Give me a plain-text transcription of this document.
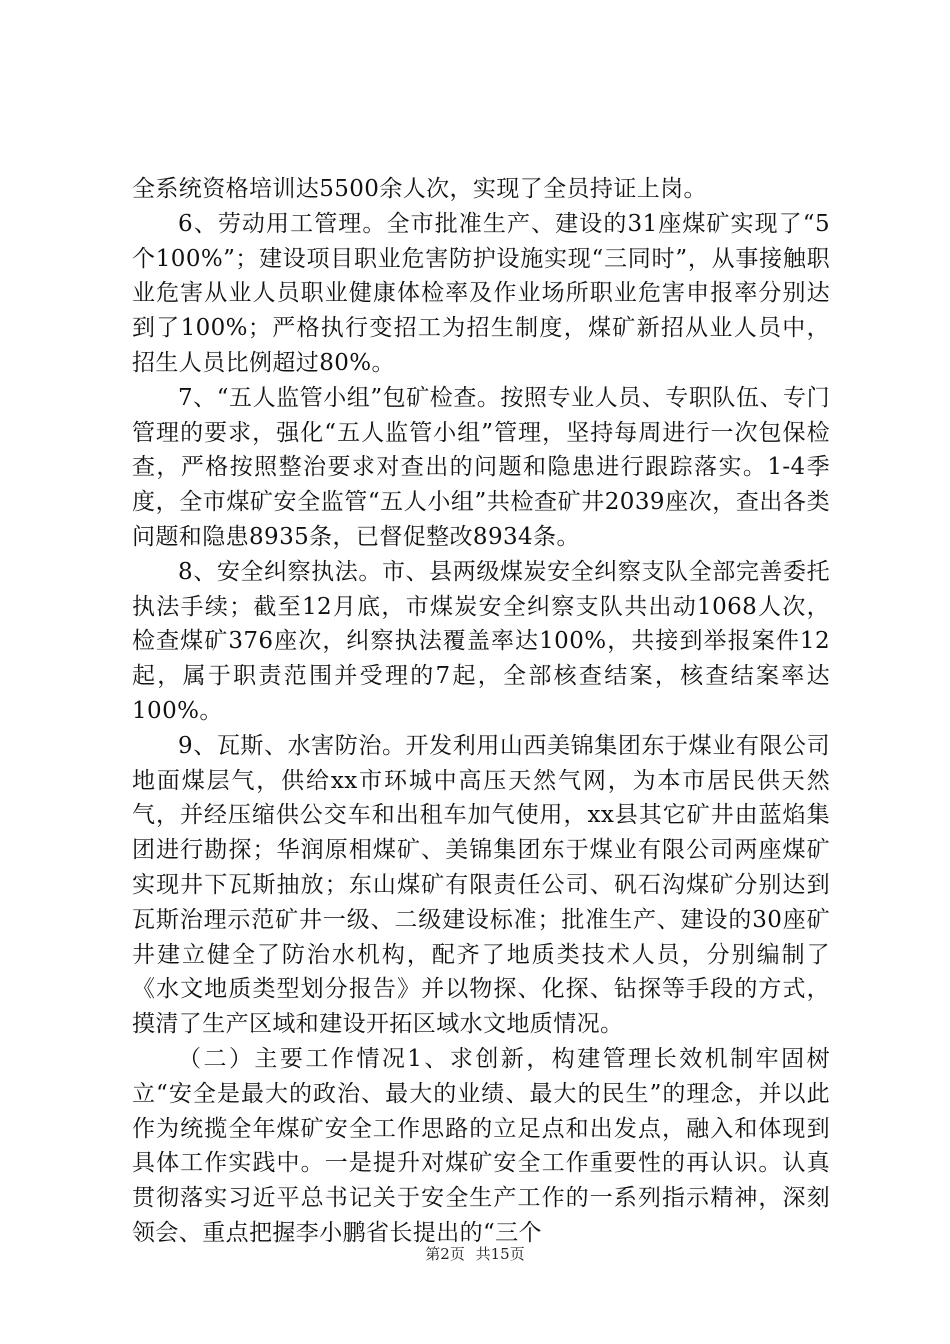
全系统资格培训达5500余人次，实现了全员持证上岗。

6、劳动用工管理。全市批准生产、建设的31座煤矿实现了“5个100%”；建设项目职业危害防护设施实现“三同时”，从事接触职业危害从业人员职业健康体检率及作业场所职业危害申报率分别达到了100%；严格执行变招工为招生制度，煤矿新招从业人员中，招生人员比例超过80%。

7、“五人监管小组”包矿检查。按照专业人员、专职队伍、专门管理的要求，强化“五人监管小组”管理，坚持每周进行一次包保检查，严格按照整治要求对查出的问题和隐患进行跟踪落实。1-4季度，全市煤矿安全监管“五人小组”共检查矿井2039座次，查出各类问题和隐患8935条，已督促整改8934条。

8、安全纠察执法。市、县两级煤炭安全纠察支队全部完善委托执法手续；截至12月底，市煤炭安全纠察支队共出动1068人次，检查煤矿376座次，纠察执法覆盖率达100%，共接到举报案件12起，属于职责范围并受理的7起，全部核查结案，核查结案率达100%。

9、瓦斯、水害防治。开发利用山西美锦集团东于煤业有限公司地面煤层气，供给xx市环城中高压天然气网，为本市居民供天然气，并经压缩供公交车和出租车加气使用，xx县其它矿井由蓝焰集团进行勘探；华润原相煤矿、美锦集团东于煤业有限公司两座煤矿实现井下瓦斯抽放；东山煤矿有限责任公司、矾石沟煤矿分别达到瓦斯治理示范矿井一级、二级建设标准；批准生产、建设的30座矿井建立健全了防治水机构，配齐了地质类技术人员，分别编制了《水文地质类型划分报告》并以物探、化探、钻探等手段的方式，摸清了生产区域和建设开拓区域水文地质情况。

（二）主要工作情况1、求创新，构建管理长效机制牢固树立“安全是最大的政治、最大的业绩、最大的民生”的理念，并以此作为统揽全年煤矿安全工作思路的立足点和出发点，融入和体现到具体工作实践中。一是提升对煤矿安全工作重要性的再认识。认真贯彻落实习近平总书记关于安全生产工作的一系列指示精神，深刻领会、重点把握李小鹏省长提出的“三个

第2页 共15页
